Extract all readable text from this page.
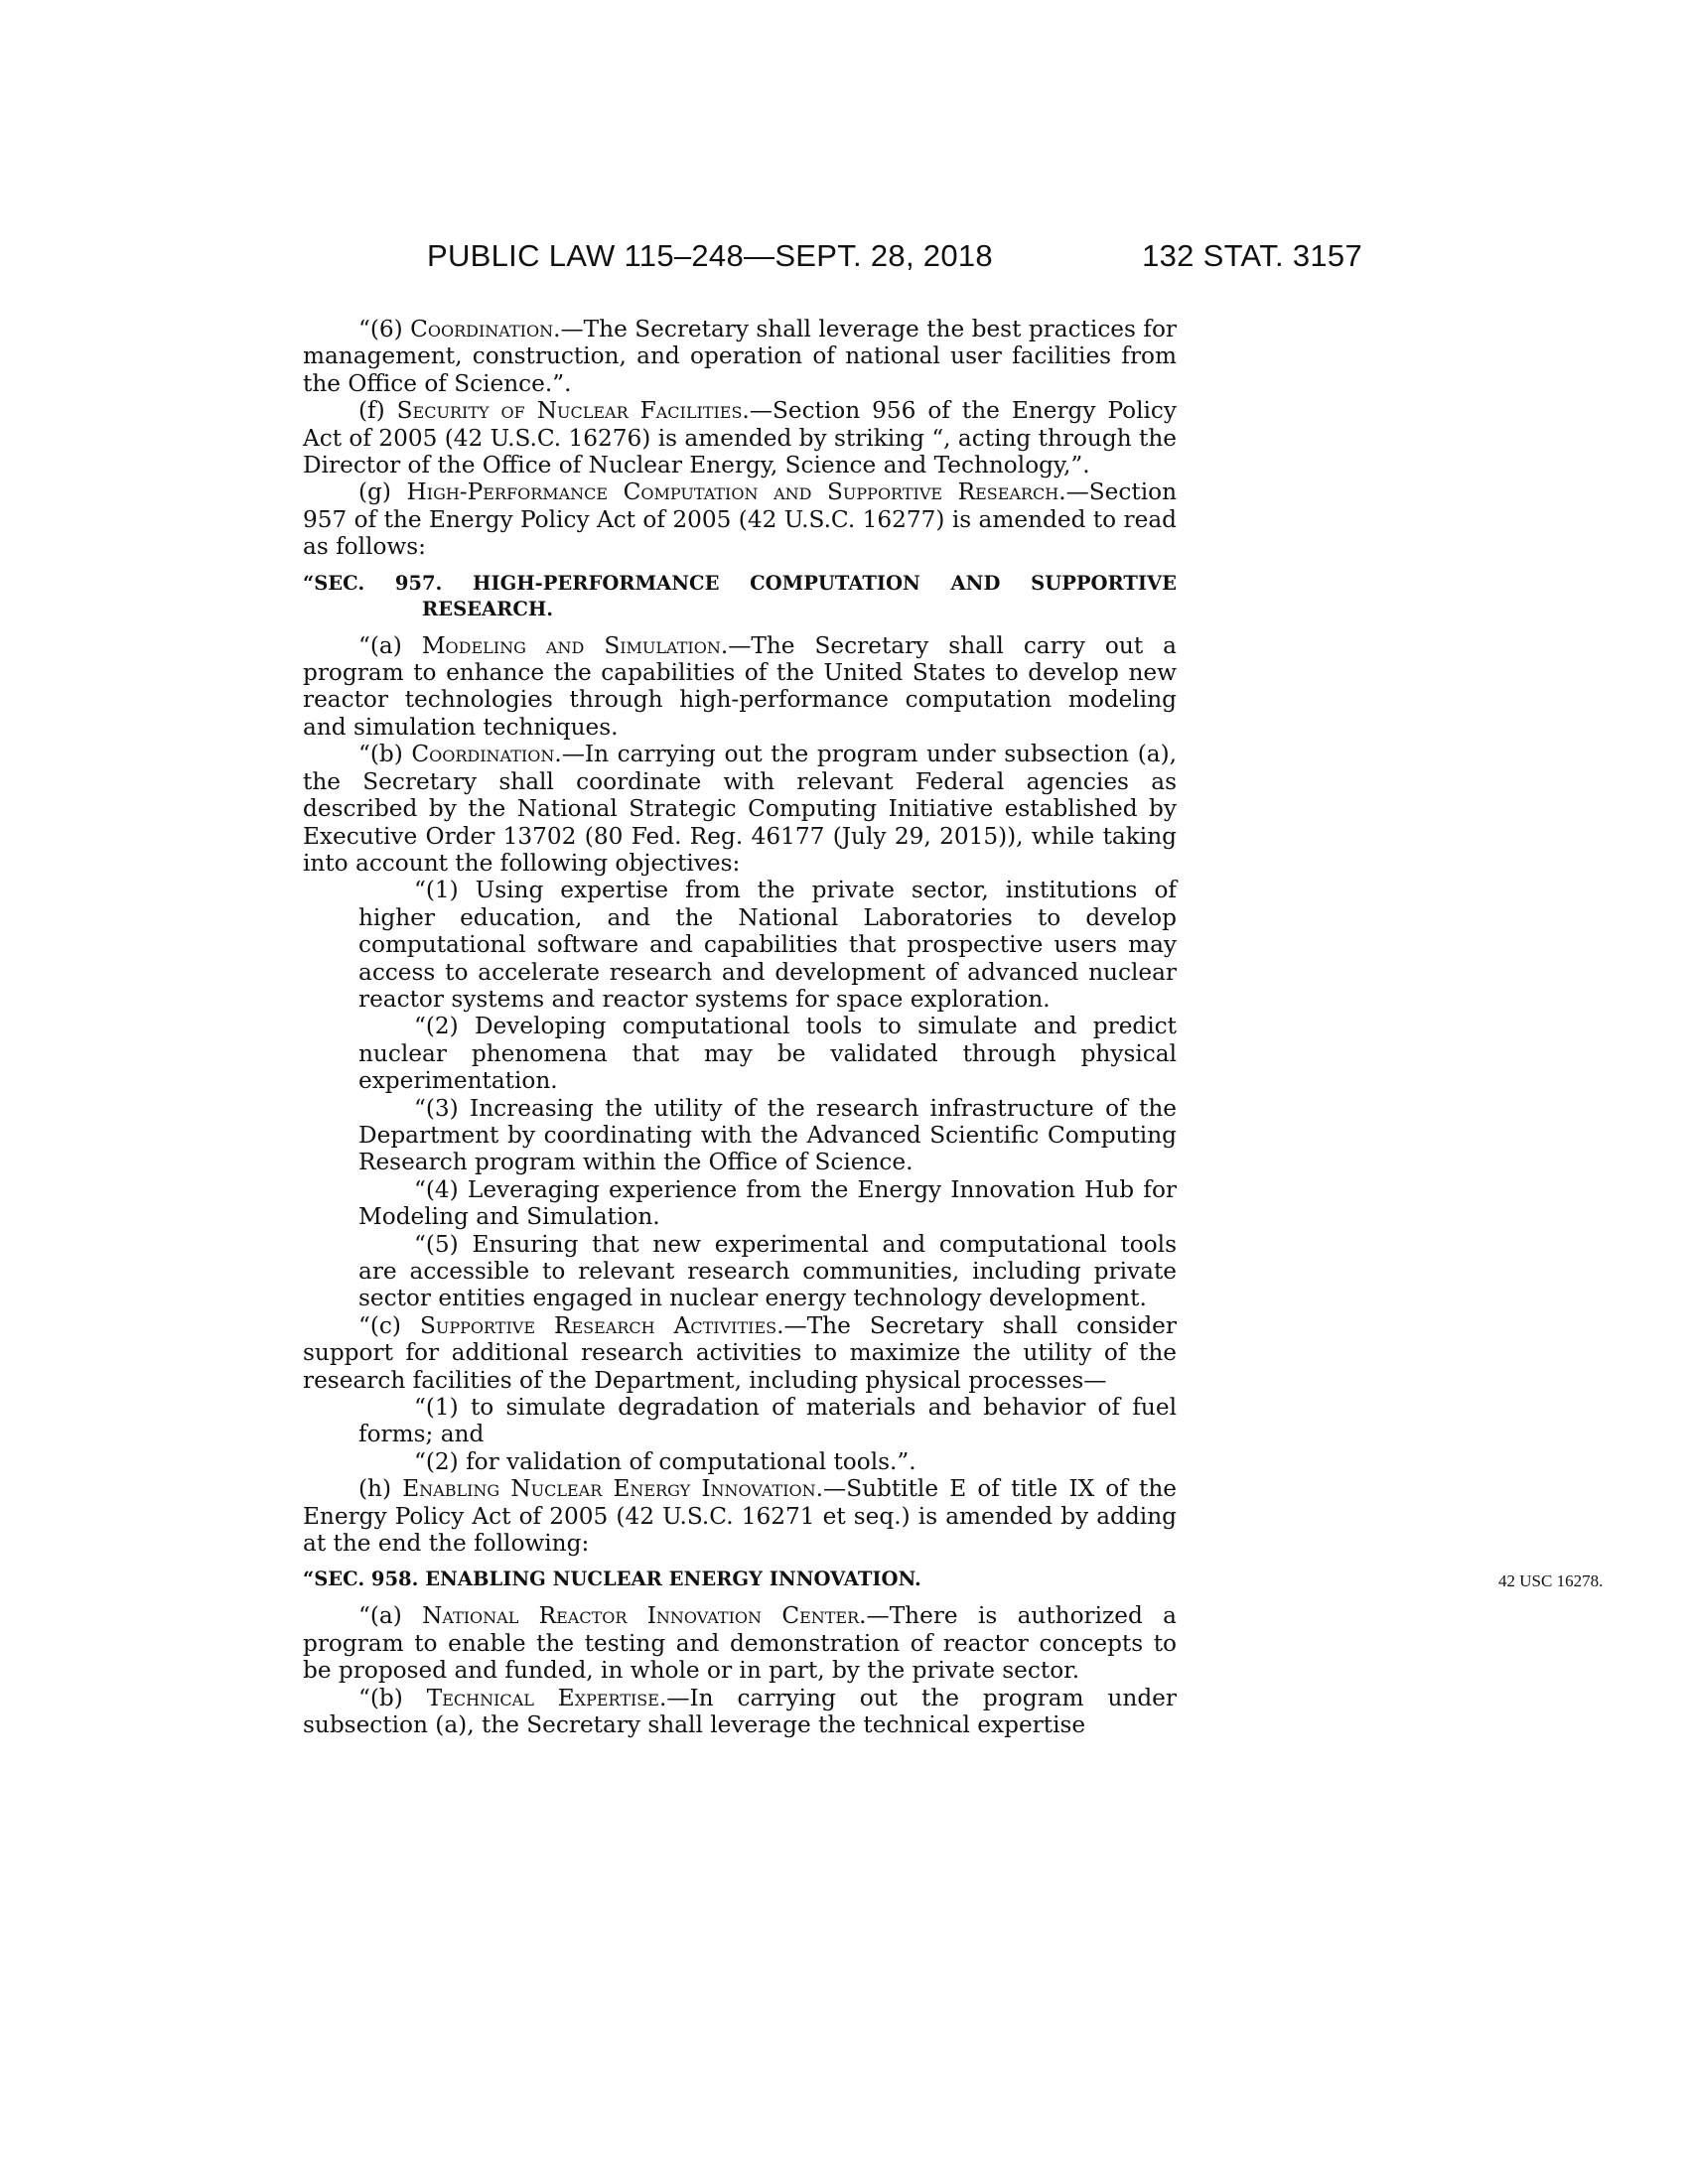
PUBLIC LAW 115–248—SEPT. 28, 2018	132 STAT. 3157

“(6) Coordination.—The Secretary shall leverage the best practices for management, construction, and operation of national user facilities from the Office of Science.”.

(f) Security of Nuclear Facilities.—Section 956 of the Energy Policy Act of 2005 (42 U.S.C. 16276) is amended by striking “, acting through the Director of the Office of Nuclear Energy, Science and Technology,”.

(g) High-Performance Computation and Supportive Research.—Section 957 of the Energy Policy Act of 2005 (42 U.S.C. 16277) is amended to read as follows:

“SEC. 957. HIGH-PERFORMANCE COMPUTATION AND SUPPORTIVE RESEARCH.

“(a) Modeling and Simulation.—The Secretary shall carry out a program to enhance the capabilities of the United States to develop new reactor technologies through high-performance computation modeling and simulation techniques.

“(b) Coordination.—In carrying out the program under subsection (a), the Secretary shall coordinate with relevant Federal agencies as described by the National Strategic Computing Initiative established by Executive Order 13702 (80 Fed. Reg. 46177 (July 29, 2015)), while taking into account the following objectives:

“(1) Using expertise from the private sector, institutions of higher education, and the National Laboratories to develop computational software and capabilities that prospective users may access to accelerate research and development of advanced nuclear reactor systems and reactor systems for space exploration.

“(2) Developing computational tools to simulate and predict nuclear phenomena that may be validated through physical experimentation.

“(3) Increasing the utility of the research infrastructure of the Department by coordinating with the Advanced Scientific Computing Research program within the Office of Science.

“(4) Leveraging experience from the Energy Innovation Hub for Modeling and Simulation.

“(5) Ensuring that new experimental and computational tools are accessible to relevant research communities, including private sector entities engaged in nuclear energy technology development.

“(c) Supportive Research Activities.—The Secretary shall consider support for additional research activities to maximize the utility of the research facilities of the Department, including physical processes—

“(1) to simulate degradation of materials and behavior of fuel forms; and

“(2) for validation of computational tools.”.

(h) Enabling Nuclear Energy Innovation.—Subtitle E of title IX of the Energy Policy Act of 2005 (42 U.S.C. 16271 et seq.) is amended by adding at the end the following:

“SEC. 958. ENABLING NUCLEAR ENERGY INNOVATION.	42 USC 16278.

“(a) National Reactor Innovation Center.—There is authorized a program to enable the testing and demonstration of reactor concepts to be proposed and funded, in whole or in part, by the private sector.

“(b) Technical Expertise.—In carrying out the program under subsection (a), the Secretary shall leverage the technical expertise
